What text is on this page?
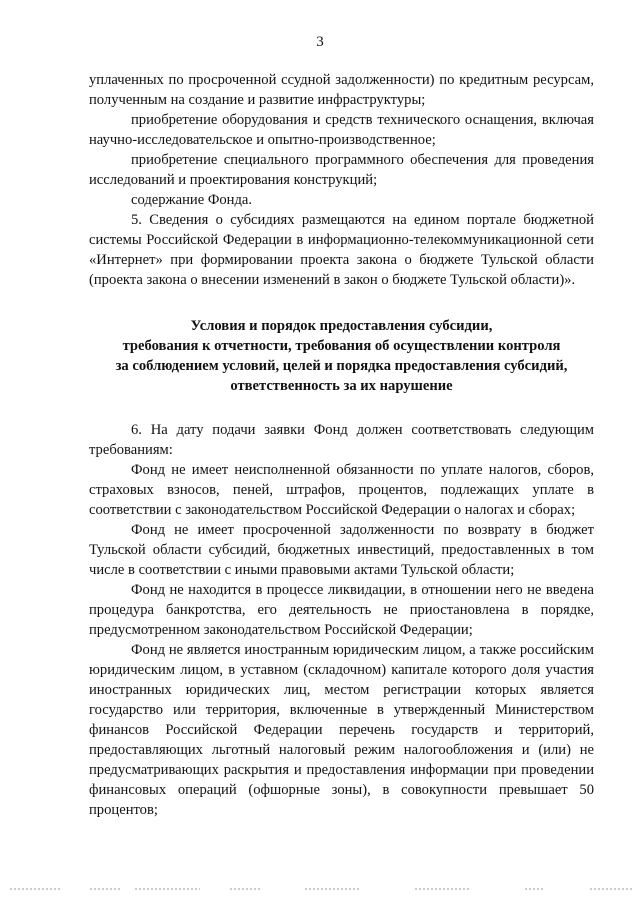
3

уплаченных по просроченной ссудной задолженности) по кредитным ресурсам, полученным на создание и развитие инфраструктуры;

приобретение оборудования и средств технического оснащения, включая научно-исследовательское и опытно-производственное;

приобретение специального программного обеспечения для проведения исследований и проектирования конструкций;

содержание Фонда.

5. Сведения о субсидиях размещаются на едином портале бюджетной системы Российской Федерации в информационно-телекоммуникационной сети «Интернет» при формировании проекта закона о бюджете Тульской области (проекта закона о внесении изменений в закон о бюджете Тульской области)».

Условия и порядок предоставления субсидии,
требования к отчетности, требования об осуществлении контроля
за соблюдением условий, целей и порядка предоставления субсидий,
ответственность за их нарушение

6. На дату подачи заявки Фонд должен соответствовать следующим требованиям:

Фонд не имеет неисполненной обязанности по уплате налогов, сборов, страховых взносов, пеней, штрафов, процентов, подлежащих уплате в соответствии с законодательством Российской Федерации о налогах и сборах;

Фонд не имеет просроченной задолженности по возврату в бюджет Тульской области субсидий, бюджетных инвестиций, предоставленных в том числе в соответствии с иными правовыми актами Тульской области;

Фонд не находится в процессе ликвидации, в отношении него не введена процедура банкротства, его деятельность не приостановлена в порядке, предусмотренном законодательством Российской Федерации;

Фонд не является иностранным юридическим лицом, а также российским юридическим лицом, в уставном (складочном) капитале которого доля участия иностранных юридических лиц, местом регистрации которых является государство или территория, включенные в утвержденный Министерством финансов Российской Федерации перечень государств и территорий, предоставляющих льготный налоговый режим налогообложения и (или) не предусматривающих раскрытия и предоставления информации при проведении финансовых операций (офшорные зоны), в совокупности превышает 50 процентов;
